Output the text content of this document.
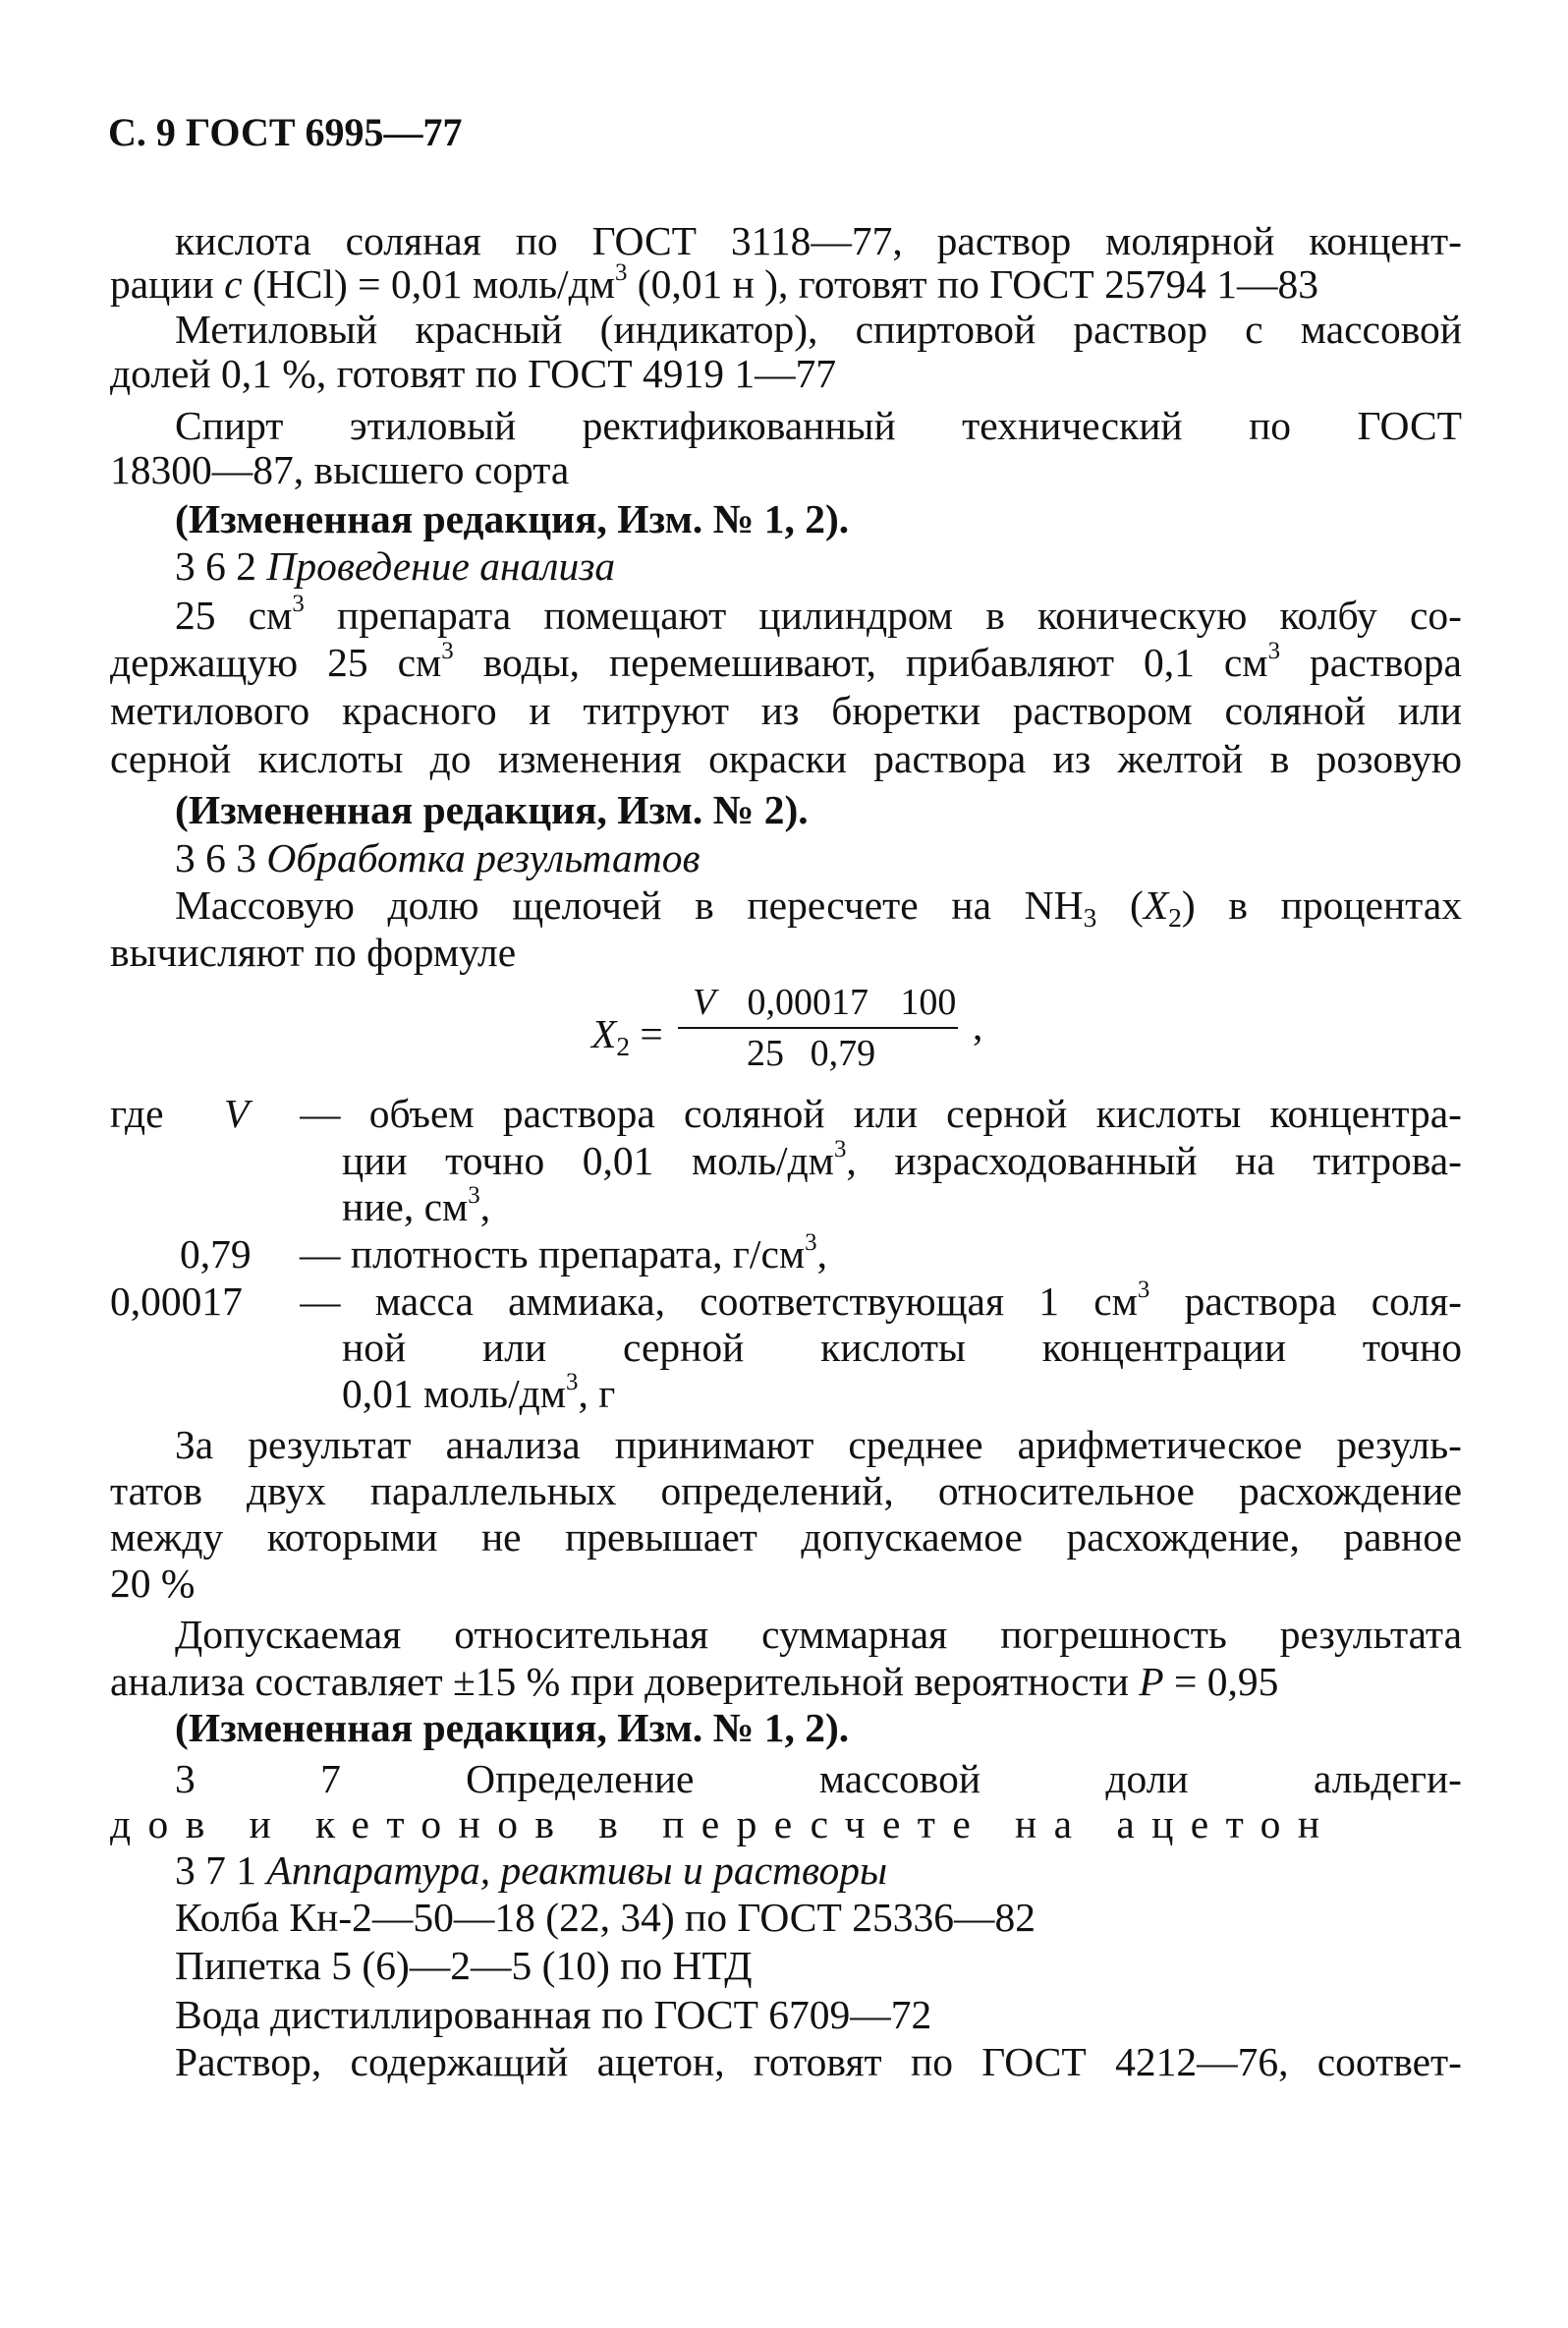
С. 9 ГОСТ 6995—77
кислота соляная по ГОСТ 3118—77, раствор молярной концент-
рации с (HCl) = 0,01 моль/$дм^3$ (0,01 н ), готовят по ГОСТ 25794 1—83
Метиловый красный (индикатор), спиртовой раствор с массовой
долей 0,1 %, готовят по ГОСТ 4919 1—77
Спирт этиловый ректификованный технический по ГОСТ
18300—87, высшего сорта
(Измененная редакция, Изм. № 1, 2).
3 6 2 Проведение анализа
25 $см^3$ препарата помещают цилиндром в коническую колбу со-
держащую 25 $см^3$ воды, перемешивают, прибавляют 0,1 $см^3$ раствора
метилового красного и титруют из бюретки раствором соляной или
серной кислоты до изменения окраски раствора из желтой в розовую
(Измененная редакция, Изм. № 2).
3 6 3 Обработка результатов
Массовую долю щелочей в пересчете на $NH_3$ $(X_2)$ в процентах
вычисляют по формуле
$X_2$ =
V 0,00017 100
25 0,79
,
где V — объем раствора соляной или серной кислоты концентра-
ции точно 0,01 моль/$дм^3$, израсходованный на титрова-
ние, $см^3$,
0,79 — плотность препарата, $г/см^3$,
0,00017 — масса аммиака, соответствующая 1 $см^3$ раствора соля-
ной или серной кислоты концентрации точно
0,01 моль/$дм^3$, г
За результат анализа принимают среднее арифметическое резуль-
татов двух параллельных определений, относительное расхождение
между которыми не превышает допускаемое расхождение, равное
20 %
Допускаемая относительная суммарная погрешность результата
анализа составляет ±15 % при доверительной вероятности P = 0,95
(Измененная редакция, Изм. № 1, 2).
3 7 Определение массовой доли альдеги-
дов и кетонов в пересчете на ацетон
3 7 1 Аппаратура, реактивы и растворы
Колба Кн-2—50—18 (22, 34) по ГОСТ 25336—82
Пипетка 5 (6)—2—5 (10) по НТД
Вода дистиллированная по ГОСТ 6709—72
Раствор, содержащий ацетон, готовят по ГОСТ 4212—76, соответ-
